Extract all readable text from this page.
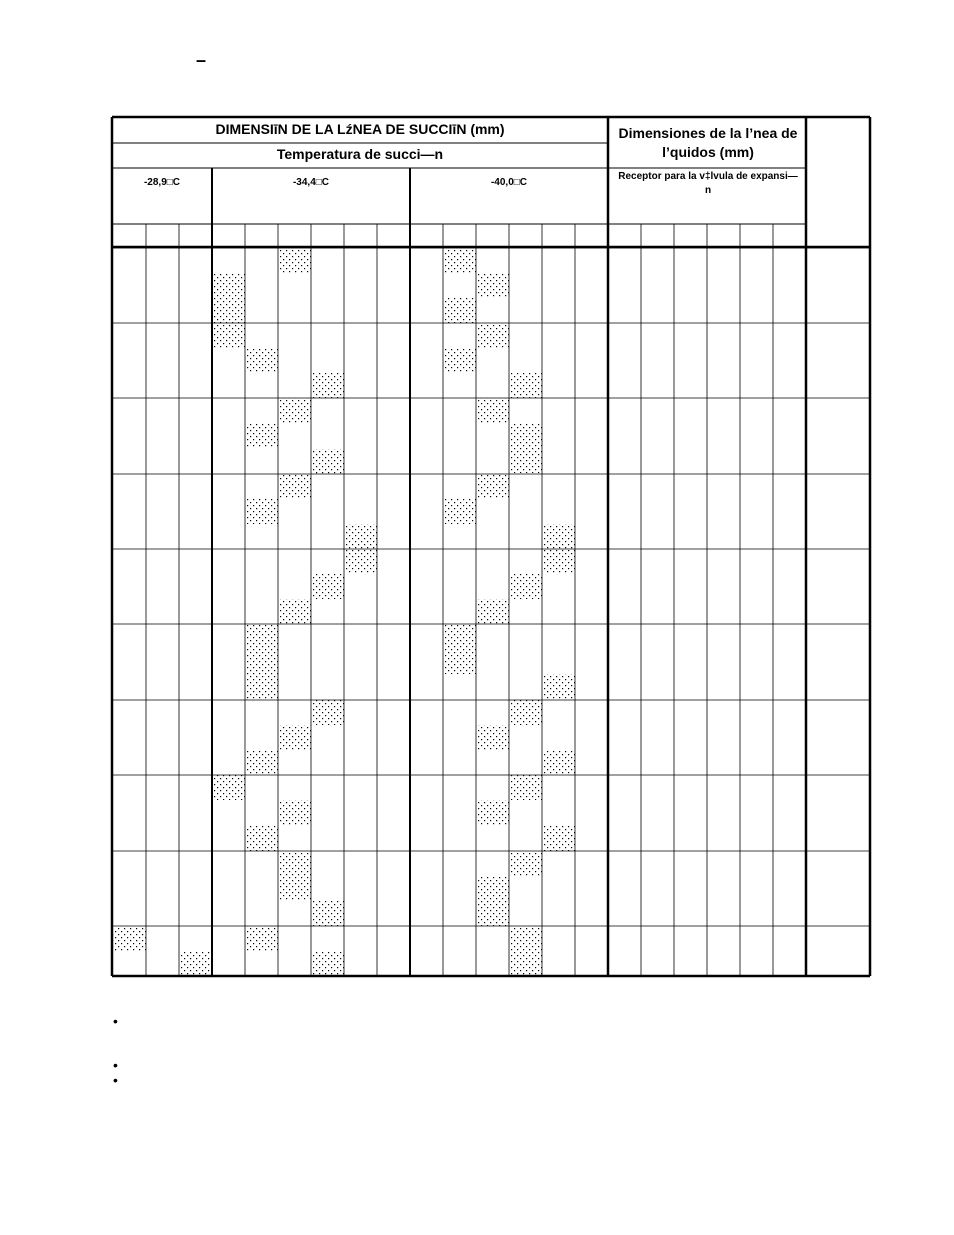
–
DIMENSIīN DE LA LźNEA DE SUCCIīN (mm)
Temperatura de succi—n
-28,9□C	-34,4□C	-40,0□C
Dimensiones de la l’nea de l’quidos (mm)
Receptor para la v‡lvula de expansi—n
•
•
•
